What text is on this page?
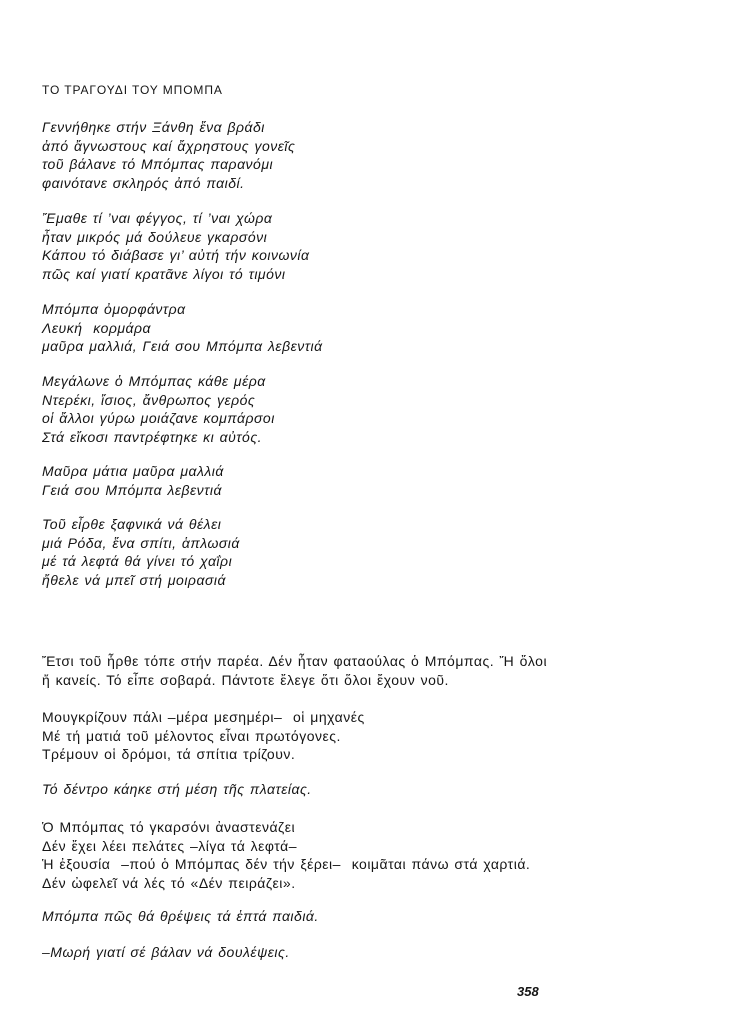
ΤΟ ΤΡΑΓΟΥΔΙ ΤΟΥ ΜΠΟΜΠΑ
Γεννήθηκε στήν Ξάνθη ἕνα βράδι
ἀπό ἄγνωστους καί ἄχρηστους γονεῖς
τοῦ βάλανε τό Μπόμπας παρανόμι
φαινότανε σκληρός ἀπό παιδί.
Ἔμαθε τί ’ναι φέγγος, τί ’ναι χώρα
ἦταν μικρός μά δούλευε γκαρσόνι
Κάπου τό διάβασε γι’ αὐτή τήν κοινωνία
πῶς καί γιατί κρατᾶνε λίγοι τό τιμόνι
Μπόμπα ὀμορφάντρα
Λευκή  κορμάρα
μαῦρα μαλλιά, Γειά σου Μπόμπα λεβεντιά
Μεγάλωνε ὁ Μπόμπας κάθε μέρα
Ντερέκι, ἴσιος, ἄνθρωπος γερός
οἱ ἄλλοι γύρω μοιάζανε κομπάρσοι
Στά εἴκοσι παντρέφτηκε κι αὐτός.
Μαῦρα μάτια μαῦρα μαλλιά
Γειά σου Μπόμπα λεβεντιά
Τοῦ εἶρθε ξαφνικά νά θέλει
μιά Ρόδα, ἕνα σπίτι, ἁπλωσιά
μέ τά λεφτά θά γίνει τό χαΐρι
ἤθελε νά μπεῖ στή μοιρασιά
Ἔτσι τοῦ ἦρθε τόπε στήν παρέα. Δέν ἦταν φαταούλας ὁ Μπόμπας. Ἤ ὅλοι
ἤ κανείς. Τό εἶπε σοβαρά. Πάντοτε ἔλεγε ὅτι ὅλοι ἔχουν νοῦ.
Μουγκρίζουν πάλι –μέρα μεσημέρι–  οἱ μηχανές
Μέ τή ματιά τοῦ μέλοντος εἶναι πρωτόγονες.
Τρέμουν οἱ δρόμοι, τά σπίτια τρίζουν.
Τό δέντρο κάηκε στή μέση τῆς πλατείας.
Ὁ Μπόμπας τό γκαρσόνι ἀναστενάζει
Δέν ἔχει λέει πελάτες –λίγα τά λεφτά–
Ἡ ἐξουσία  –πού ὁ Μπόμπας δέν τήν ξέρει–  κοιμᾶται πάνω στά χαρτιά.
Δέν ὠφελεῖ νά λές τό «Δέν πειράζει».
Μπόμπα πῶς θά θρέψεις τά ἑπτά παιδιά.
–Μωρή γιατί σέ βάλαν νά δουλέψεις.
358
